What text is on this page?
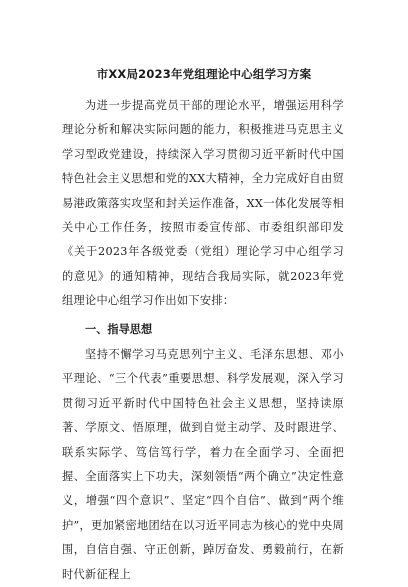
市XX局2023年党组理论中心组学习方案

为进一步提高党员干部的理论水平，增强运用科学理论分析和解决实际问题的能力，积极推进马克思主义学习型政党建设，持续深入学习贯彻习近平新时代中国特色社会主义思想和党的XX大精神，全力完成好自由贸易港政策落实攻坚和封关运作准备，XX一体化发展等相关中心工作任务，按照市委宣传部、市委组织部印发《关于2023年各级党委（党组）理论学习中心组学习的意见》的通知精神，现结合我局实际，就2023年党组理论中心组学习作出如下安排：

一、指导思想

坚持不懈学习马克思列宁主义、毛泽东思想、邓小平理论、“三个代表”重要思想、科学发展观，深入学习贯彻习近平新时代中国特色社会主义思想，坚持读原著、学原文、悟原理，做到自觉主动学、及时跟进学、联系实际学、笃信笃行学，着力在全面学习、全面把握、全面落实上下功夫，深刻领悟“两个确立”决定性意义，增强“四个意识”、坚定“四个自信”、做到“两个维护”，更加紧密地团结在以习近平同志为核心的党中央周围，自信自强、守正创新，踔厉奋发、勇毅前行，在新时代新征程上
